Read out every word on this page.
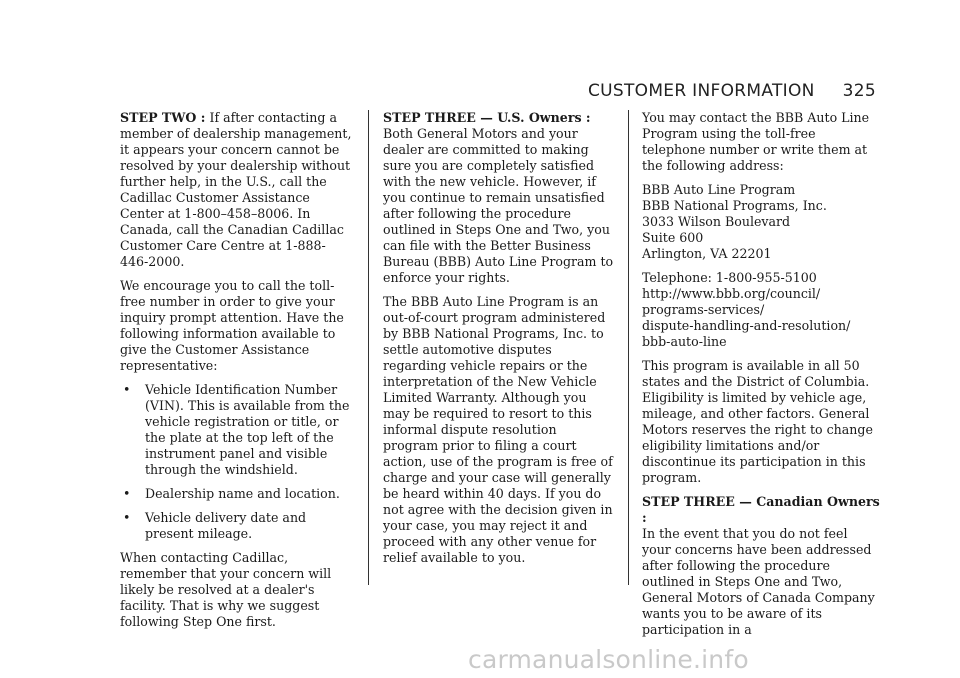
CUSTOMER INFORMATION 325

STEP TWO : If after contacting a member of dealership management, it appears your concern cannot be resolved by your dealership without further help, in the U.S., call the Cadillac Customer Assistance Center at 1-800–458–8006. In Canada, call the Canadian Cadillac Customer Care Centre at 1-888-446-2000.

We encourage you to call the toll-free number in order to give your inquiry prompt attention. Have the following information available to give the Customer Assistance representative:

• Vehicle Identification Number (VIN). This is available from the vehicle registration or title, or the plate at the top left of the instrument panel and visible through the windshield.
• Dealership name and location.
• Vehicle delivery date and present mileage.

When contacting Cadillac, remember that your concern will likely be resolved at a dealer's facility. That is why we suggest following Step One first.

STEP THREE — U.S. Owners : Both General Motors and your dealer are committed to making sure you are completely satisfied with the new vehicle. However, if you continue to remain unsatisfied after following the procedure outlined in Steps One and Two, you can file with the Better Business Bureau (BBB) Auto Line Program to enforce your rights.

The BBB Auto Line Program is an out-of-court program administered by BBB National Programs, Inc. to settle automotive disputes regarding vehicle repairs or the interpretation of the New Vehicle Limited Warranty. Although you may be required to resort to this informal dispute resolution program prior to filing a court action, use of the program is free of charge and your case will generally be heard within 40 days. If you do not agree with the decision given in your case, you may reject it and proceed with any other venue for relief available to you.

You may contact the BBB Auto Line Program using the toll-free telephone number or write them at the following address:

BBB Auto Line Program
BBB National Programs, Inc.
3033 Wilson Boulevard
Suite 600
Arlington, VA 22201
Telephone: 1-800-955-5100
http://www.bbb.org/council/
programs-services/
dispute-handling-and-resolution/
bbb-auto-line

This program is available in all 50 states and the District of Columbia. Eligibility is limited by vehicle age, mileage, and other factors. General Motors reserves the right to change eligibility limitations and/or discontinue its participation in this program.

STEP THREE — Canadian Owners :
In the event that you do not feel your concerns have been addressed after following the procedure outlined in Steps One and Two, General Motors of Canada Company wants you to be aware of its participation in a

carmanualsonline.info
